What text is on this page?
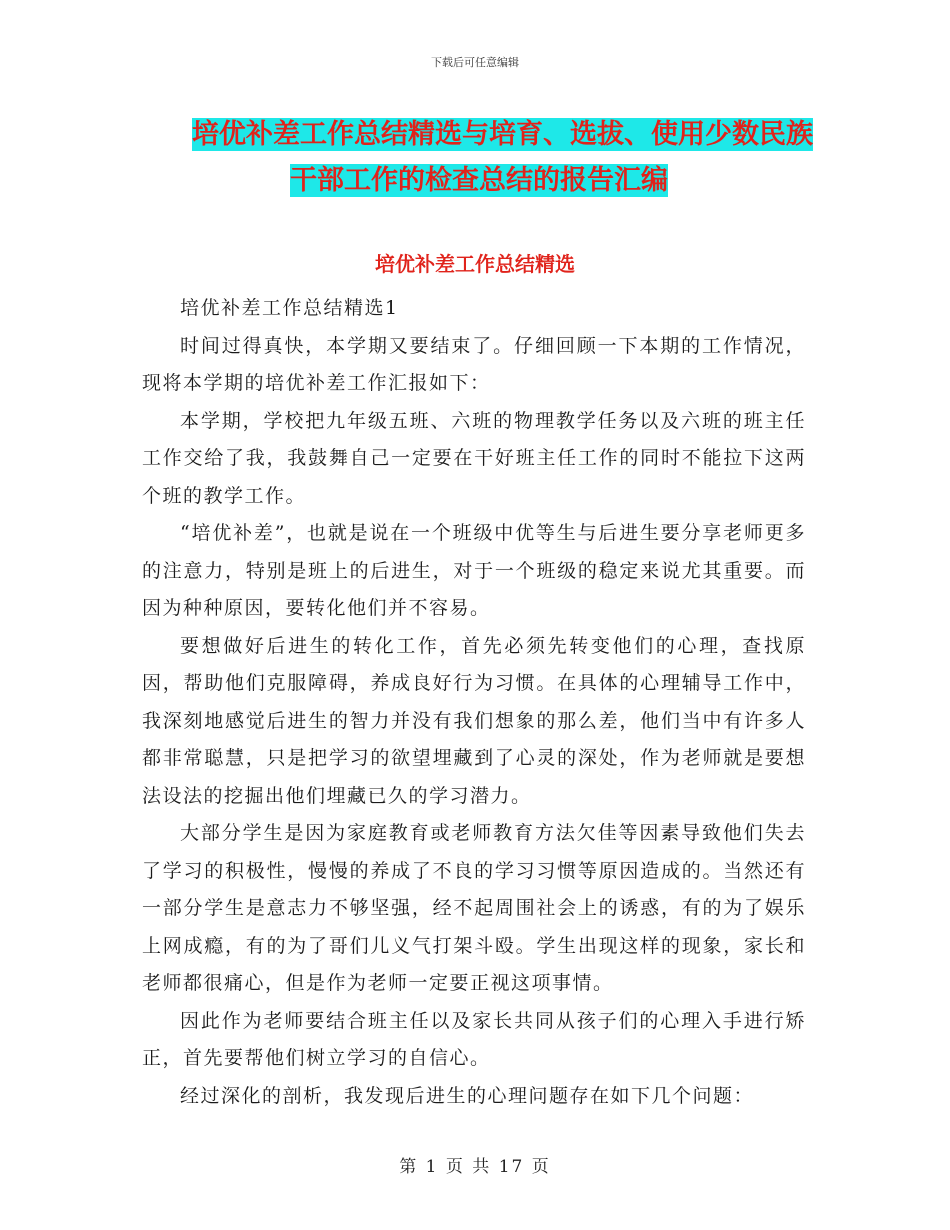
下载后可任意编辑
培优补差工作总结精选与培育、选拔、使用少数民族
干部工作的检查总结的报告汇编
培优补差工作总结精选

培优补差工作总结精选1

时间过得真快，本学期又要结束了。仔细回顾一下本期的工作情况，现将本学期的培优补差工作汇报如下：

本学期，学校把九年级五班、六班的物理教学任务以及六班的班主任工作交给了我，我鼓舞自己一定要在干好班主任工作的同时不能拉下这两个班的教学工作。

“培优补差”，也就是说在一个班级中优等生与后进生要分享老师更多的注意力，特别是班上的后进生，对于一个班级的稳定来说尤其重要。而因为种种原因，要转化他们并不容易。

要想做好后进生的转化工作，首先必须先转变他们的心理，查找原因，帮助他们克服障碍，养成良好行为习惯。在具体的心理辅导工作中，我深刻地感觉后进生的智力并没有我们想象的那么差，他们当中有许多人都非常聪慧，只是把学习的欲望埋藏到了心灵的深处，作为老师就是要想法设法的挖掘出他们埋藏已久的学习潜力。

大部分学生是因为家庭教育或老师教育方法欠佳等因素导致他们失去了学习的积极性，慢慢的养成了不良的学习习惯等原因造成的。当然还有一部分学生是意志力不够坚强，经不起周围社会上的诱惑，有的为了娱乐上网成瘾，有的为了哥们儿义气打架斗殴。学生出现这样的现象，家长和老师都很痛心，但是作为老师一定要正视这项事情。

因此作为老师要结合班主任以及家长共同从孩子们的心理入手进行矫正，首先要帮他们树立学习的自信心。

经过深化的剖析，我发现后进生的心理问题存在如下几个问题：

第 1 页 共 17 页
